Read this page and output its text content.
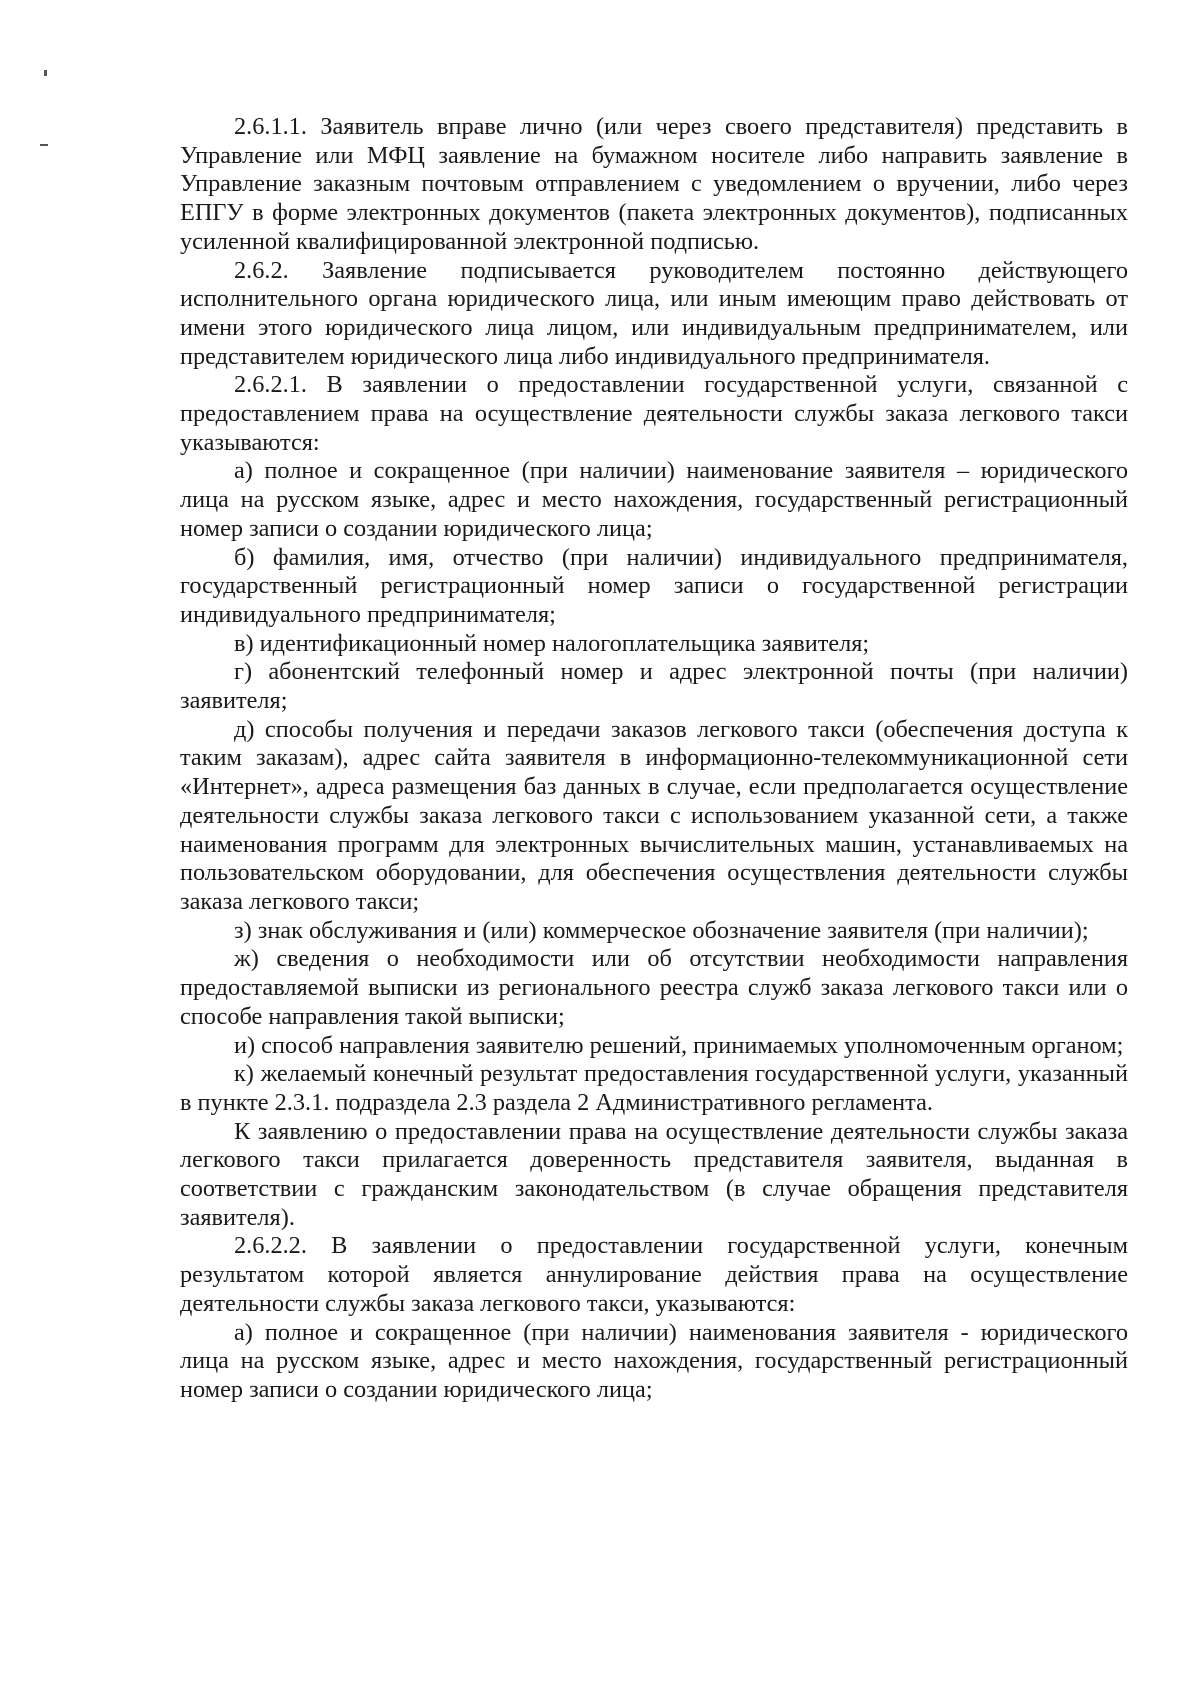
2.6.1.1. Заявитель вправе лично (или через своего представителя) представить в Управление или МФЦ заявление на бумажном носителе либо направить заявление в Управление заказным почтовым отправлением с уведомлением о вручении, либо через ЕПГУ в форме электронных документов (пакета электронных документов), подписанных усиленной квалифицированной электронной подписью.

2.6.2. Заявление подписывается руководителем постоянно действующего исполнительного органа юридического лица, или иным имеющим право действовать от имени этого юридического лица лицом, или индивидуальным предпринимателем, или представителем юридического лица либо индивидуального предпринимателя.

2.6.2.1. В заявлении о предоставлении государственной услуги, связанной с предоставлением права на осуществление деятельности службы заказа легкового такси указываются:

а) полное и сокращенное (при наличии) наименование заявителя – юридического лица на русском языке, адрес и место нахождения, государственный регистрационный номер записи о создании юридического лица;

б) фамилия, имя, отчество (при наличии) индивидуального предпринимателя, государственный регистрационный номер записи о государственной регистрации индивидуального предпринимателя;

в) идентификационный номер налогоплательщика заявителя;

г) абонентский телефонный номер и адрес электронной почты (при наличии) заявителя;

д) способы получения и передачи заказов легкового такси (обеспечения доступа к таким заказам), адрес сайта заявителя в информационно-телекоммуникационной сети «Интернет», адреса размещения баз данных в случае, если предполагается осуществление деятельности службы заказа легкового такси с использованием указанной сети, а также наименования программ для электронных вычислительных машин, устанавливаемых на пользовательском оборудовании, для обеспечения осуществления деятельности службы заказа легкового такси;

з) знак обслуживания и (или) коммерческое обозначение заявителя (при наличии);

ж) сведения о необходимости или об отсутствии необходимости направления предоставляемой выписки из регионального реестра служб заказа легкового такси или о способе направления такой выписки;

и) способ направления заявителю решений, принимаемых уполномоченным органом;

к) желаемый конечный результат предоставления государственной услуги, указанный в пункте 2.3.1. подраздела 2.3 раздела 2 Административного регламента.

К заявлению о предоставлении права на осуществление деятельности службы заказа легкового такси прилагается доверенность представителя заявителя, выданная в соответствии с гражданским законодательством (в случае обращения представителя заявителя).

2.6.2.2. В заявлении о предоставлении государственной услуги, конечным результатом которой является аннулирование действия права на осуществление деятельности службы заказа легкового такси, указываются:

а) полное и сокращенное (при наличии) наименования заявителя - юридического лица на русском языке, адрес и место нахождения, государственный регистрационный номер записи о создании юридического лица;
